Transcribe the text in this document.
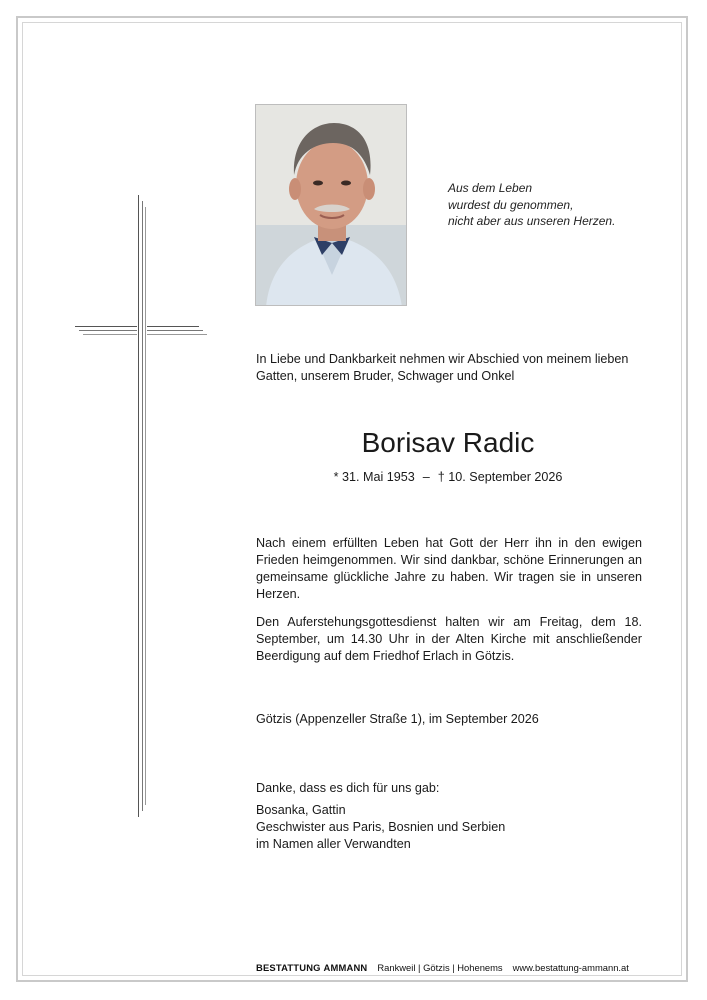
Aus dem Leben
wurdest du genommen,
nicht aber aus unseren Herzen.
In Liebe und Dankbarkeit nehmen wir Abschied von meinem lieben Gatten, unserem Bruder, Schwager und Onkel
Borisav Radic
* 31. Mai 1953 – † 10. September 2026
Nach einem erfüllten Leben hat Gott der Herr ihn in den ewigen Frieden heimgenommen. Wir sind dankbar, schöne Erinnerungen an gemeinsame glückliche Jahre zu haben. Wir tragen sie in unseren Herzen.
Den Auferstehungsgottesdienst halten wir am Freitag, dem 18. September, um 14.30 Uhr in der Alten Kirche mit anschließender Beerdigung auf dem Friedhof Erlach in Götzis.
Götzis (Appenzeller Straße 1), im September 2026
Danke, dass es dich für uns gab:
Bosanka, Gattin
Geschwister aus Paris, Bosnien und Serbien
im Namen aller Verwandten
BESTATTUNG AMMANN Rankweil | Götzis | Hohenems www.bestattung-ammann.at
